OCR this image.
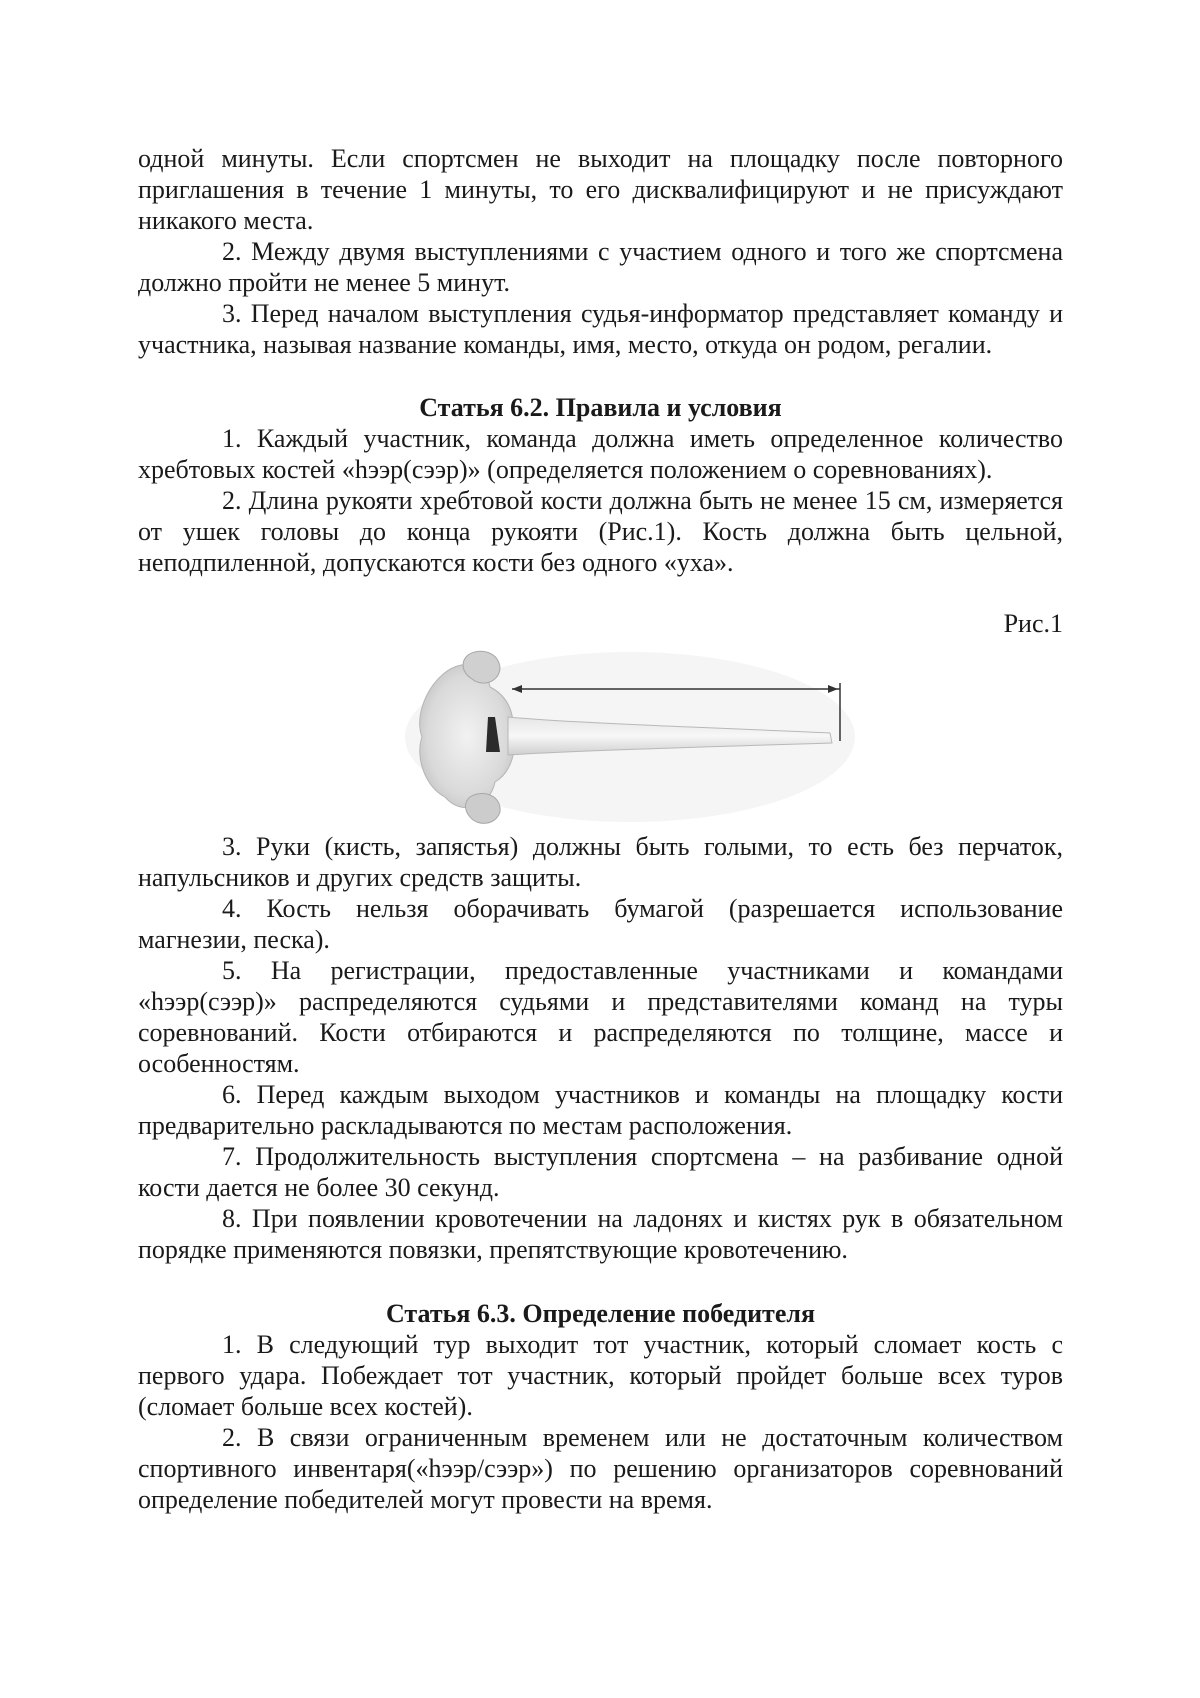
одной минуты. Если спортсмен не выходит на площадку после повторного приглашения в течение 1 минуты, то его дисквалифицируют и не присуждают никакого места.

2. Между двумя выступлениями с участием одного и того же спортсмена должно пройти не менее 5 минут.

3. Перед началом выступления судья-информатор представляет команду и участника, называя название команды, имя, место, откуда он родом, регалии.

Статья 6.2. Правила и условия

1. Каждый участник, команда должна иметь определенное количество хребтовых костей «һээр(сээр)» (определяется положением о соревнованиях).

2. Длина рукояти хребтовой кости должна быть не менее 15 см, измеряется от ушек головы до конца рукояти (Рис.1). Кость должна быть цельной, неподпиленной, допускаются кости без одного «уха».

Рис.1

3. Руки (кисть, запястья) должны быть голыми, то есть без перчаток, напульсников и других средств защиты.

4. Кость нельзя оборачивать бумагой (разрешается использование магнезии, песка).

5. На регистрации, предоставленные участниками и командами «һээр(сээр)» распределяются судьями и представителями команд на туры соревнований. Кости отбираются и распределяются по толщине, массе и особенностям.

6. Перед каждым выходом участников и команды на площадку кости предварительно раскладываются по местам расположения.

7. Продолжительность выступления спортсмена – на разбивание одной кости дается не более 30 секунд.

8. При появлении кровотечении на ладонях и кистях рук в обязательном порядке применяются повязки, препятствующие кровотечению.

Статья 6.3. Определение победителя

1. В следующий тур выходит тот участник, который сломает кость с первого удара. Побеждает тот участник, который пройдет больше всех туров (сломает больше всех костей).

2. В связи ограниченным временем или не достаточным количеством спортивного инвентаря(«һээр/сээр») по решению организаторов соревнований определение победителей могут провести на время.
